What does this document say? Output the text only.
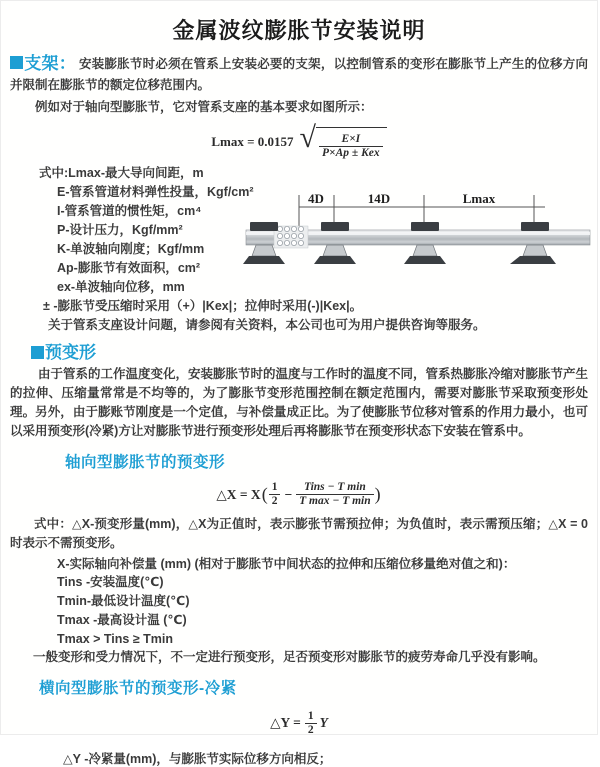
金属波纹膨胀节安装说明

支架： 安装膨胀节时必须在管系上安装必要的支架，以控制管系的变形在膨胀节上产生的位移方向并限制在膨胀节的额定位移范围内。

例如对于轴向型膨胀节，它对管系支座的基本要求如图所示：

Lmax = 0.0157 √ $\frac{E\times I}{\text{P×Ap ± Kex}}$
式中:Lmax-最大导向间距，m
E-管系管道材料弹性投量，Kgf/cm²
I-管系管道的惯性矩，cm⁴
P-设计压力，Kgf/mm²
K-单波轴向刚度；Kgf/mm
Ap-膨胀节有效面积，cm²
ex-单波轴向位移，mm
± -膨胀节受压缩时采用（+）|Kex|；拉伸时采用(-)|Kex|。
关于管系支座设计问题，请参阅有关资料，本公司也可为用户提供咨询等服务。
4D	14D	Lmax
预变形

由于管系的工作温度变化，安装膨胀节时的温度与工作时的温度不同，管系热膨胀冷缩对膨胀节产生的拉伸、压缩量常常是不均等的，为了膨胀节变形范围控制在额定范围内，需要对膨胀节采取预变形处理。另外，由于膨账节刚度是一个定值，与补偿量成正比。为了使膨胀节位移对管系的作用力最小，也可以采用预变形(冷紧)方让对膨胀节进行预变形处理后再将膨胀节在预变形状态下安装在管系中。

轴向型膨胀节的预变形
△X = X ( $\frac{1}{2} - \frac{\text{Tins − T min}}{\text{T max − T min}}$ )

式中：△X-预变形量(mm)，△X为正值时，表示膨张节需预拉伸；为负值时，表示需预压缩；△X = 0时表示不需预变形。

X-实际轴向补偿量 (mm) (相对于膨胀节中间状态的拉伸和压缩位移量绝对值之和)：
Tins -安装温度(℃)
Tmin-最低设计温度(℃)
Tmax -最高设计温 (℃)
Tmax > Tins ≥ Tmin
一般变形和受力情况下，不一定进行预变形，足否预变形对膨胀节的疲劳寿命几乎没有影响。
横向型膨胀节的预变形-冷紧
△Y = $\frac{1}{2}$ Y

△Y -冷紧量(mm)，与膨胀节实际位移方向相反；
